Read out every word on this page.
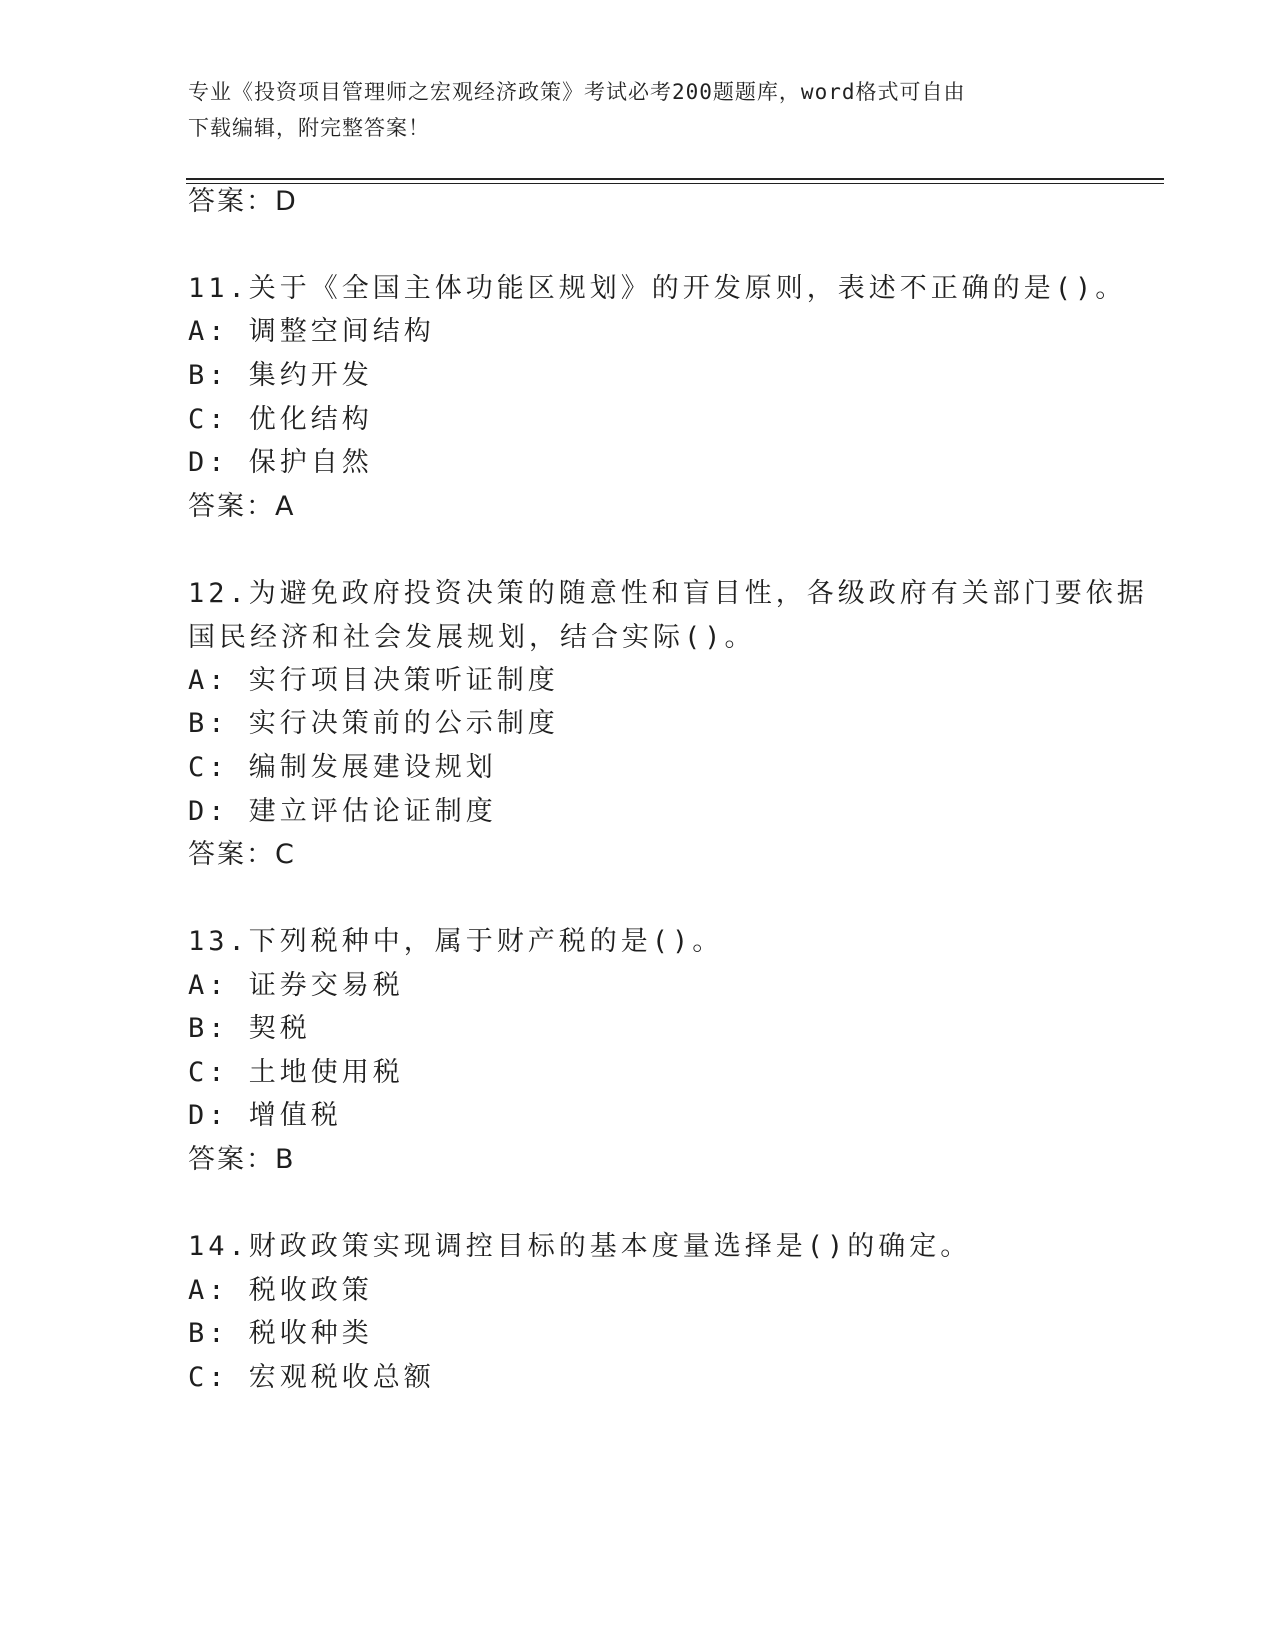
专业《投资项目管理师之宏观经济政策》考试必考200题题库，word格式可自由
下载编辑，附完整答案！
答案：D
11.关于《全国主体功能区规划》的开发原则，表述不正确的是()。
A: 调整空间结构
B: 集约开发
C: 优化结构
D: 保护自然
答案：A
12.为避免政府投资决策的随意性和盲目性，各级政府有关部门要依据
国民经济和社会发展规划，结合实际()。
A: 实行项目决策听证制度
B: 实行决策前的公示制度
C: 编制发展建设规划
D: 建立评估论证制度
答案：C
13.下列税种中，属于财产税的是()。
A: 证券交易税
B: 契税
C: 土地使用税
D: 增值税
答案：B
14.财政政策实现调控目标的基本度量选择是()的确定。
A: 税收政策
B: 税收种类
C: 宏观税收总额
